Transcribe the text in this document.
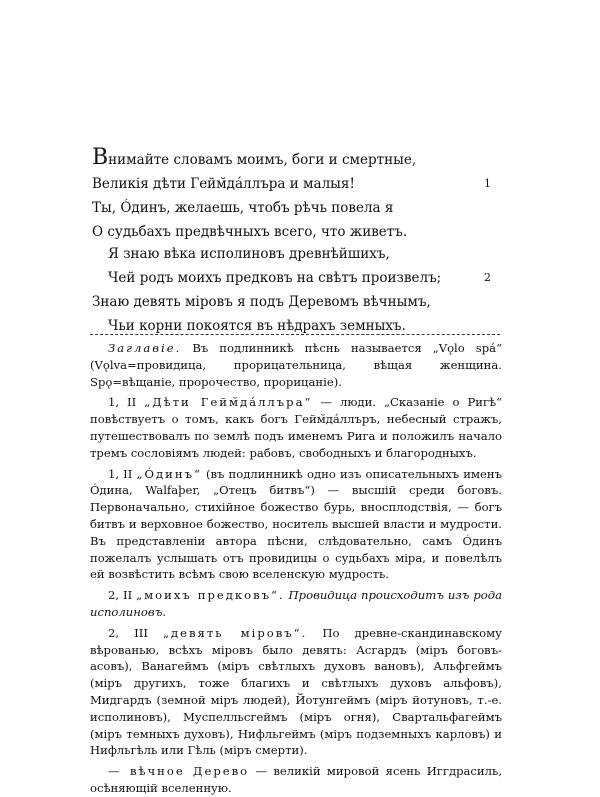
Внимайте словамъ моимъ, боги и смертные,
Великiя дѣти Гейм̆дáллъра и малыя!	1
Ты, Óдинъ, желаешь, чтобъ рѣчь повела я
О судьбахъ предвѣчныхъ всего, что живетъ.
Я знаю вѣка исполиновъ древнѣйшихъ,
Чей родъ моихъ предковъ на свѣтъ произвелъ;	2
Знаю девять мiровъ я подъ Деревомъ вѣчнымъ,
Чьи корни покоятся въ нѣдрахъ земныхъ.

Заглавiе. Въ подлинникѣ пѣснь называется „Vǫlo spá“ (Vǫlva=провидица, прорицательница, вѣщая женщина. Spǫ=вѣщанiе, пророчество, прорицанiе).

1, II „Дѣти Гейм̆дáллъра“ — люди. „Сказанiе о Ригѣ“ повѣствуетъ о томъ, какъ богъ Гейм̆дáллъръ, небесный стражъ, путешествовалъ по землѣ подъ именемъ Рига и положилъ начало тремъ сословiямъ людей: рабовъ, свободныхъ и благородныхъ.

1, II „Óдинъ“ (въ подлинникѣ одно изъ описательныхъ именъ Óдина, Walfaþer, „Отецъ битвъ“) — высшiй среди боговъ. Первоначально, стихiйное божество бурь, вносплодствiя, — богъ битвъ и верховное божество, носитель высшей власти и мудрости. Въ представленiи автора пѣсни, слѣдовательно, самъ Óдинъ пожелалъ услышать отъ провидицы о судьбахъ мiра, и повелѣлъ ей возвѣстить всѣмъ свою вселенскую мудрость.

2, II „моихъ предковъ“. Провидица происходитъ изъ рода исполиновъ.

2, III „девять мiровъ“. По древне-скандинавскому вѣрованью, всѣхъ мiровъ было девять: Асгардъ (мiръ боговъ-асовъ), Ванагеймъ (мiръ свѣтлыхъ духовъ вановъ), Альфгеймъ (мiръ другихъ, тоже благихъ и свѣтлыхъ духовъ альфовъ), Мидгардъ (земной мiръ людей), Йотунгеймъ (мiръ йотуновъ, т.-е. исполиновъ), Муспелльсгеймъ (мiръ огня), Свартальфагеймъ (мiръ темныхъ духовъ), Нифльгеймъ (мiръ подземныхъ карловъ) и Нифльгѣль или Гѣль (мiръ смерти).

— вѣчное Дерево — великiй мировой ясень Иггдрасиль, осѣняющiй вселенную.
